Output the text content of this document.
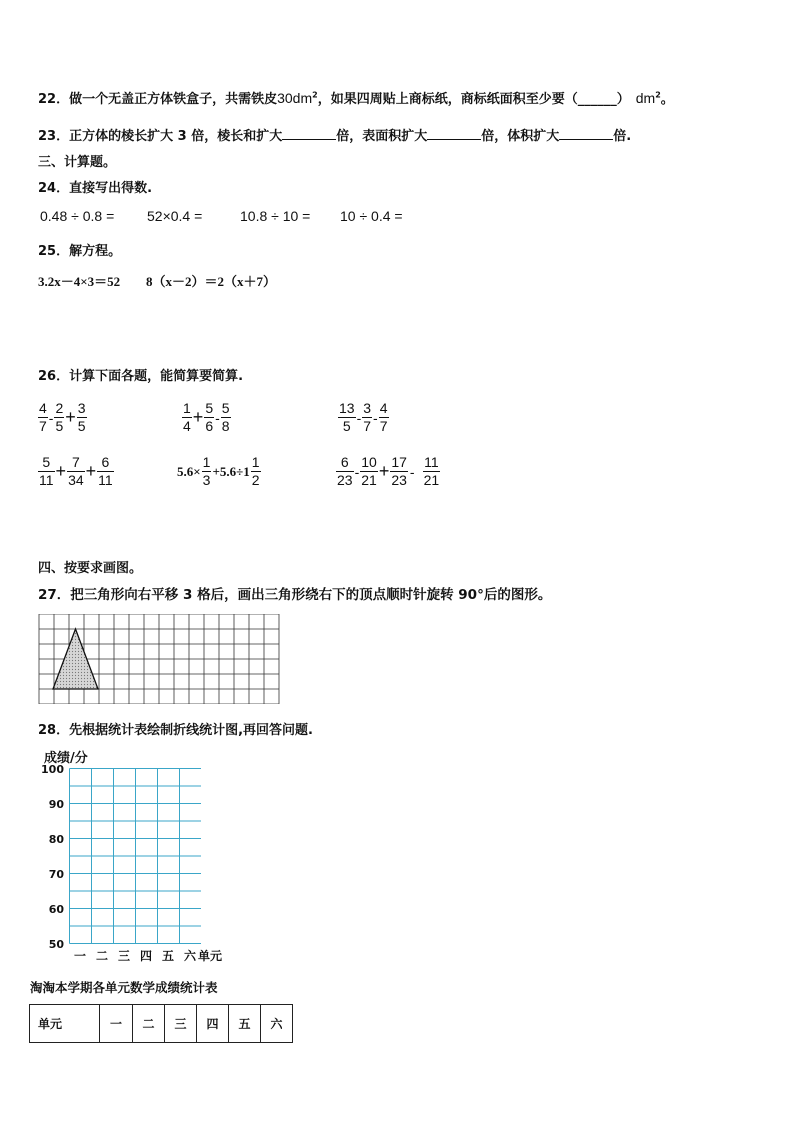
22．做一个无盖正方体铁盒子，共需铁皮$30dm^2$，如果四周贴上商标纸，商标纸面积至少要（______） $dm^2$。
23．正方体的棱长扩大 3 倍，棱长和扩大	倍，表面积扩大	倍，体积扩大	倍.
三、计算题。
24．直接写出得数.
0.48 ÷ 0.8 = 52×0.4 =	10.8 ÷ 10 = 10 ÷ 0.4 =
25．解方程。
3.2x－4×3＝52 8（x－2）＝2（x＋7）
26．计算下面各题，能简算要简算.
$\frac{4}{7} - \frac{2}{5} + \frac{3}{5}$	$\frac{1}{4} + \frac{5}{6} - \frac{5}{8}$	$\frac{13}{5} - \frac{3}{7} - \frac{4}{7}$
$\frac{5}{11} + \frac{7}{34} + \frac{6}{11}$	$5.6\times \frac{1}{3} +5.6\div 1 \frac{1}{2}$	$\frac{6}{23} - \frac{10}{21} + \frac{17}{23} - \frac{11}{21}$
四、按要求画图。
27．把三角形向右平移 3 格后，画出三角形绕右下的顶点顺时针旋转 90°后的图形。
28．先根据统计表绘制折线统计图,再回答问题.
成绩/分
100
90
80
70
60
50
一 二 三 四 五 六 单元
淘淘本学期各单元数学成绩统计表
单元	一	二	三	四	五	六
